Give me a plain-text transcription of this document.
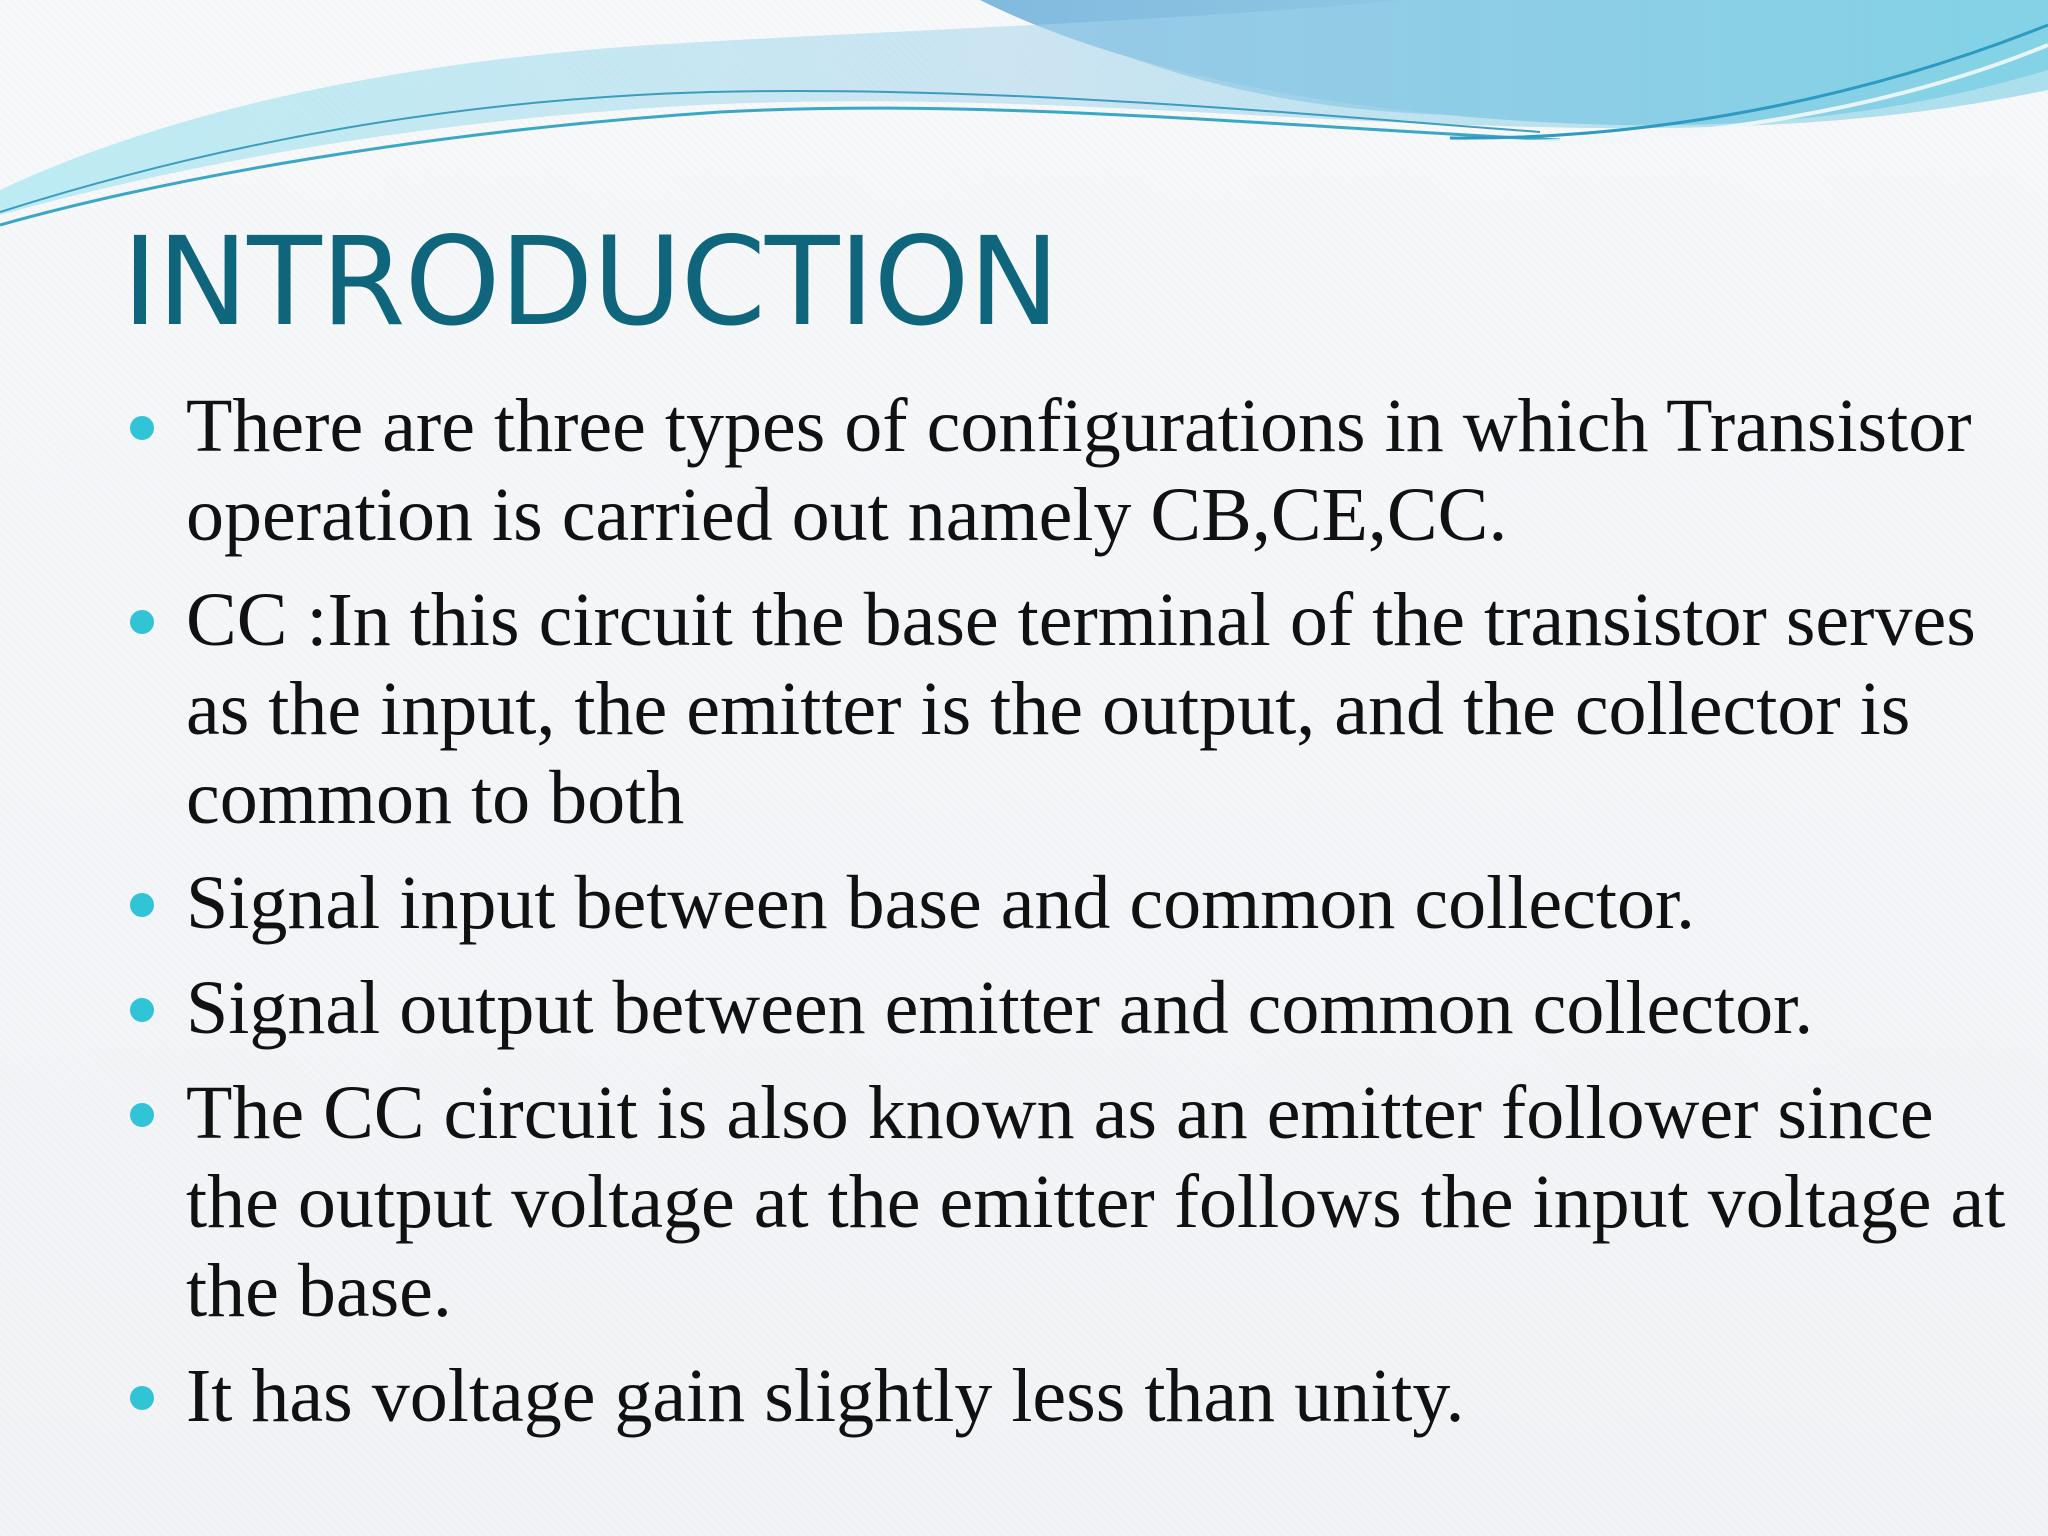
INTRODUCTION
There are three types of configurations in which Transistor operation is carried out namely CB,CE,CC.
CC :In this circuit the base terminal of the transistor serves as the input, the emitter is the output, and the collector is common to both
Signal input between base and common collector.
Signal output between emitter and common collector.
The CC circuit is also known as an emitter follower since the output voltage at the emitter follows the input voltage at the base.
It has voltage gain slightly less than unity.
